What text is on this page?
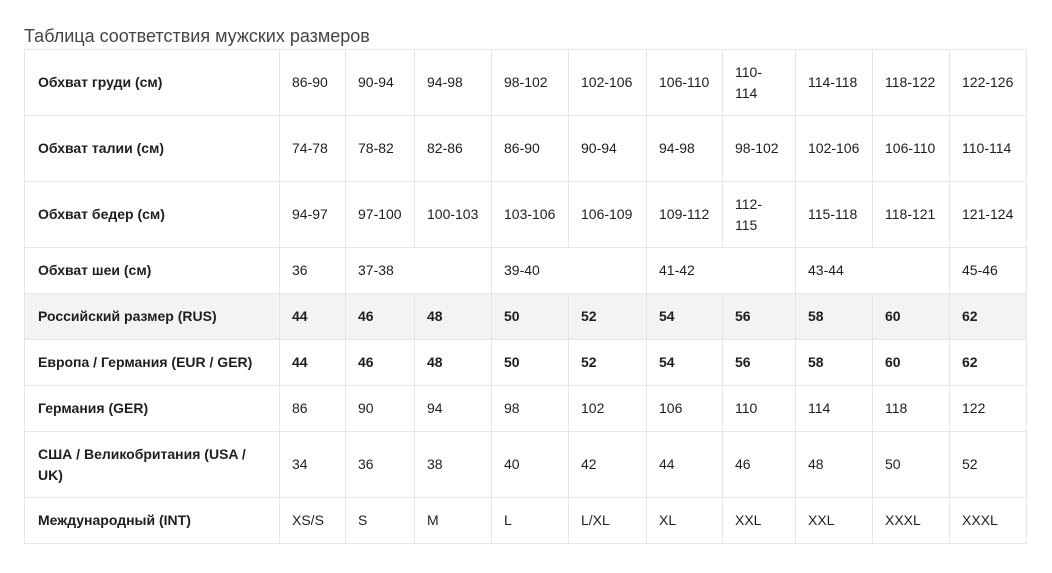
Таблица соответствия мужских размеров
Обхват груди (см)	86-90	90-94	94-98	98-102	102-106	106-110	110-114	114-118	118-122	122-126
Обхват талии (см)	74-78	78-82	82-86	86-90	90-94	94-98	98-102	102-106	106-110	110-114
Обхват бедер (см)	94-97	97-100	100-103	103-106	106-109	109-112	112-115	115-118	118-121	121-124
Обхват шеи (см)	36	37-38		39-40		41-42		43-44		45-46
Российский размер (RUS)	44	46	48	50	52	54	56	58	60	62
Европа / Германия (EUR / GER)	44	46	48	50	52	54	56	58	60	62
Германия (GER)	86	90	94	98	102	106	110	114	118	122
США / Великобритания (USA / UK)	34	36	38	40	42	44	46	48	50	52
Международный (INT)	XS/S	S	M	L	L/XL	XL	XXL	XXL	XXXL	XXXL
